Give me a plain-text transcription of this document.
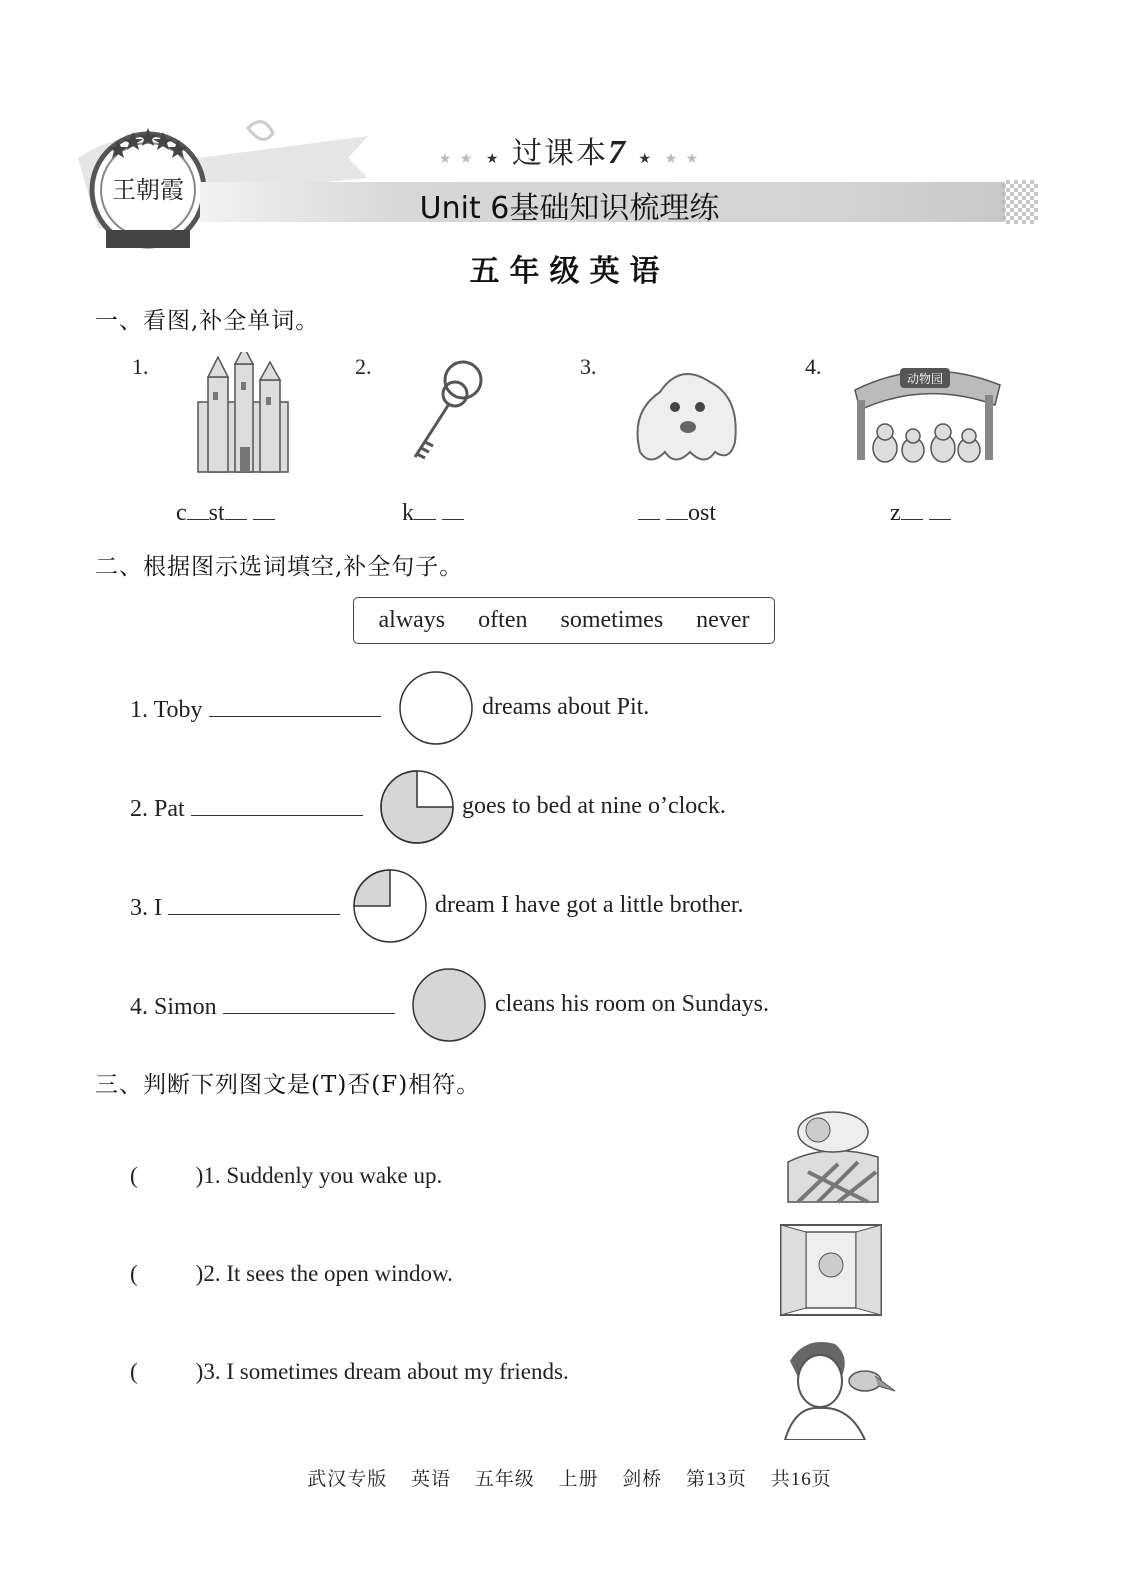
王朝霞
★ ★ ★ 过课本7 ★ ★ ★
Unit 6基础知识梳理练
五年级英语
一、看图,补全单词。
1.
c st
2.
k
3.
ost
4.	动物园
z
二、根据图示选词填空,补全句子。
always often sometimes never
1. Toby	dreams about Pit.
2. Pat	goes to bed at nine o’clock.
3. I	dream I have got a little brother.
4. Simon	cleans his room on Sundays.
三、判断下列图文是(T)否(F)相符。
(	)1. Suddenly you wake up.
(	)2. It sees the open window.
(	)3. I sometimes dream about my friends.
武汉专版 英语 五年级 上册 剑桥 第13页 共16页
